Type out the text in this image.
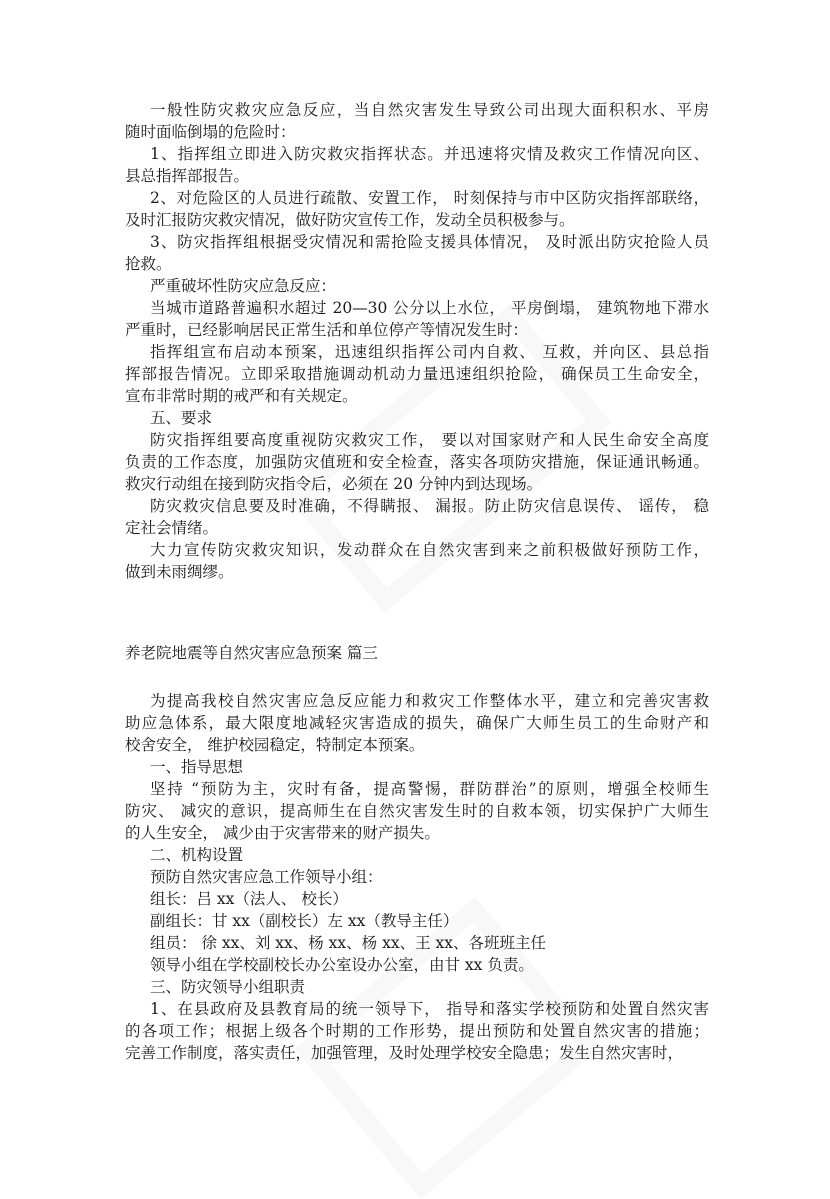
一般性防灾救灾应急反应，当自然灾害发生导致公司出现大面积积水、平房
随时面临倒塌的危险时：
1、指挥组立即进入防灾救灾指挥状态。并迅速将灾情及救灾工作情况向区、
县总指挥部报告。
2、对危险区的人员进行疏散、安置工作， 时刻保持与市中区防灾指挥部联络，
及时汇报防灾救灾情况，做好防灾宣传工作，发动全员积极参与。
3、防灾指挥组根据受灾情况和需抢险支援具体情况， 及时派出防灾抢险人员
抢救。
严重破坏性防灾应急反应：
当城市道路普遍积水超过 20—30 公分以上水位， 平房倒塌， 建筑物地下滞水
严重时，已经影响居民正常生活和单位停产等情况发生时：
指挥组宣布启动本预案，迅速组织指挥公司内自救、 互救，并向区、县总指
挥部报告情况。立即采取措施调动机动力量迅速组织抢险， 确保员工生命安全，
宣布非常时期的戒严和有关规定。
五、要求
防灾指挥组要高度重视防灾救灾工作， 要以对国家财产和人民生命安全高度
负责的工作态度，加强防灾值班和安全检查，落实各项防灾措施，保证通讯畅通。
救灾行动组在接到防灾指令后，必须在 20 分钟内到达现场。
防灾救灾信息要及时准确，不得瞒报、 漏报。防止防灾信息误传、 谣传， 稳
定社会情绪。
大力宣传防灾救灾知识，发动群众在自然灾害到来之前积极做好预防工作，
做到未雨绸缪。
养老院地震等自然灾害应急预案 篇三
为提高我校自然灾害应急反应能力和救灾工作整体水平，建立和完善灾害救
助应急体系，最大限度地减轻灾害造成的损失，确保广大师生员工的生命财产和
校舍安全， 维护校园稳定，特制定本预案。
一、指导思想
坚持 “预防为主，灾时有备，提高警惕，群防群治”的原则，增强全校师生
防灾、 减灾的意识，提高师生在自然灾害发生时的自救本领，切实保护广大师生
的人生安全， 减少由于灾害带来的财产损失。
二、机构设置
预防自然灾害应急工作领导小组：
组长：吕 xx（法人、 校长）
副组长：甘 xx（副校长）左 xx（教导主任）
组员： 徐 xx、刘 xx、杨 xx、杨 xx、王 xx、各班班主任
领导小组在学校副校长办公室设办公室，由甘 xx 负责。
三、防灾领导小组职责
1、在县政府及县教育局的统一领导下， 指导和落实学校预防和处置自然灾害
的各项工作；根据上级各个时期的工作形势，提出预防和处置自然灾害的措施；
完善工作制度，落实责任，加强管理，及时处理学校安全隐患；发生自然灾害时，
